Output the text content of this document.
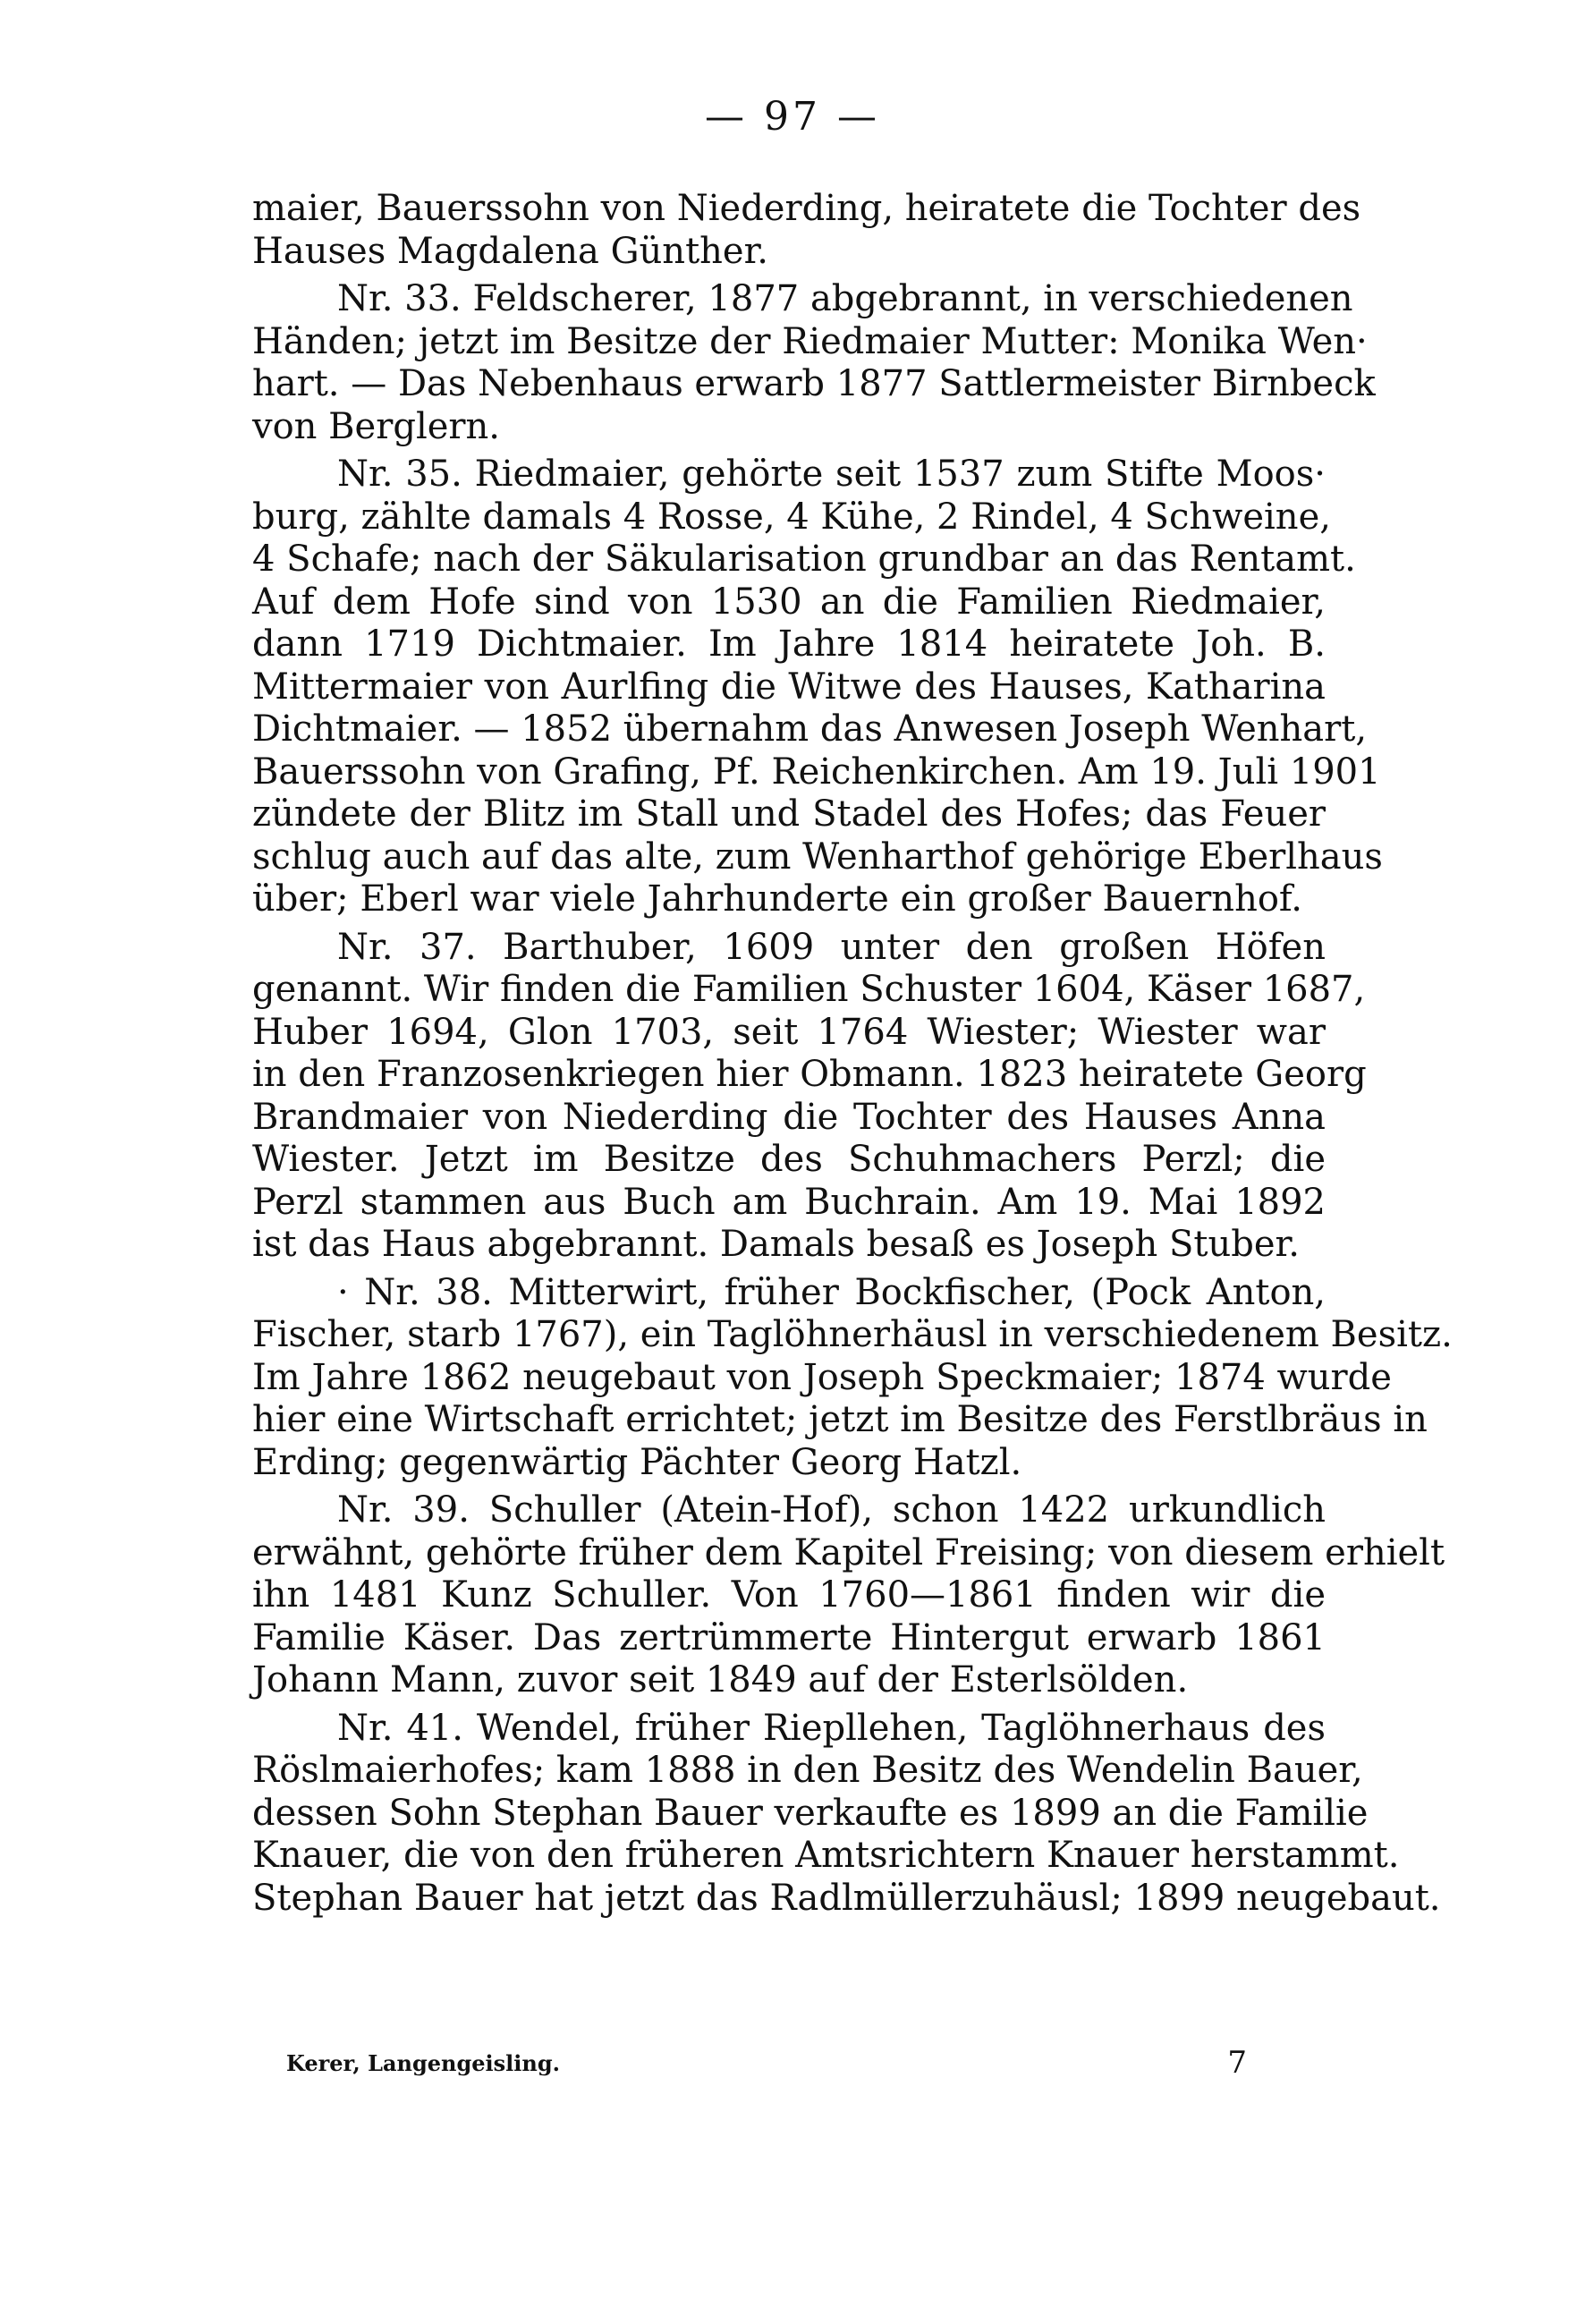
— 97 —
maier, Bauerssohn von Niederding, heiratete die Tochter des
Hauses Magdalena Günther.
Nr. 33. Feldscherer, 1877 abgebrannt, in verschiedenen
Händen; jetzt im Besitze der Riedmaier Mutter: Monika Wen·
hart. — Das Nebenhaus erwarb 1877 Sattlermeister Birnbeck
von Berglern.
Nr. 35. Riedmaier, gehörte seit 1537 zum Stifte Moos·
burg, zählte damals 4 Rosse, 4 Kühe, 2 Rindel, 4 Schweine,
4 Schafe; nach der Säkularisation grundbar an das Rentamt.
Auf dem Hofe sind von 1530 an die Familien Riedmaier,
dann 1719 Dichtmaier. Im Jahre 1814 heiratete Joh. B.
Mittermaier von Aurlfing die Witwe des Hauses, Katharina
Dichtmaier. — 1852 übernahm das Anwesen Joseph Wenhart,
Bauerssohn von Grafing, Pf. Reichenkirchen. Am 19. Juli 1901
zündete der Blitz im Stall und Stadel des Hofes; das Feuer
schlug auch auf das alte, zum Wenharthof gehörige Eberlhaus
über; Eberl war viele Jahrhunderte ein großer Bauernhof.
Nr. 37. Barthuber, 1609 unter den großen Höfen
genannt. Wir finden die Familien Schuster 1604, Käser 1687,
Huber 1694, Glon 1703, seit 1764 Wiester; Wiester war
in den Franzosenkriegen hier Obmann. 1823 heiratete Georg
Brandmaier von Niederding die Tochter des Hauses Anna
Wiester. Jetzt im Besitze des Schuhmachers Perzl; die
Perzl stammen aus Buch am Buchrain. Am 19. Mai 1892
ist das Haus abgebrannt. Damals besaß es Joseph Stuber.
· Nr. 38. Mitterwirt, früher Bockfischer, (Pock Anton,
Fischer, starb 1767), ein Taglöhnerhäusl in verschiedenem Besitz.
Im Jahre 1862 neugebaut von Joseph Speckmaier; 1874 wurde
hier eine Wirtschaft errichtet; jetzt im Besitze des Ferstlbräus in
Erding; gegenwärtig Pächter Georg Hatzl.
Nr. 39. Schuller (Atein-Hof), schon 1422 urkundlich
erwähnt, gehörte früher dem Kapitel Freising; von diesem erhielt
ihn 1481 Kunz Schuller. Von 1760—1861 finden wir die
Familie Käser. Das zertrümmerte Hintergut erwarb 1861
Johann Mann, zuvor seit 1849 auf der Esterlsölden.
Nr. 41. Wendel, früher Riepllehen, Taglöhnerhaus des
Röslmaierhofes; kam 1888 in den Besitz des Wendelin Bauer,
dessen Sohn Stephan Bauer verkaufte es 1899 an die Familie
Knauer, die von den früheren Amtsrichtern Knauer herstammt.
Stephan Bauer hat jetzt das Radlmüllerzuhäusl; 1899 neugebaut.
Kerer, Langengeisling.	7
